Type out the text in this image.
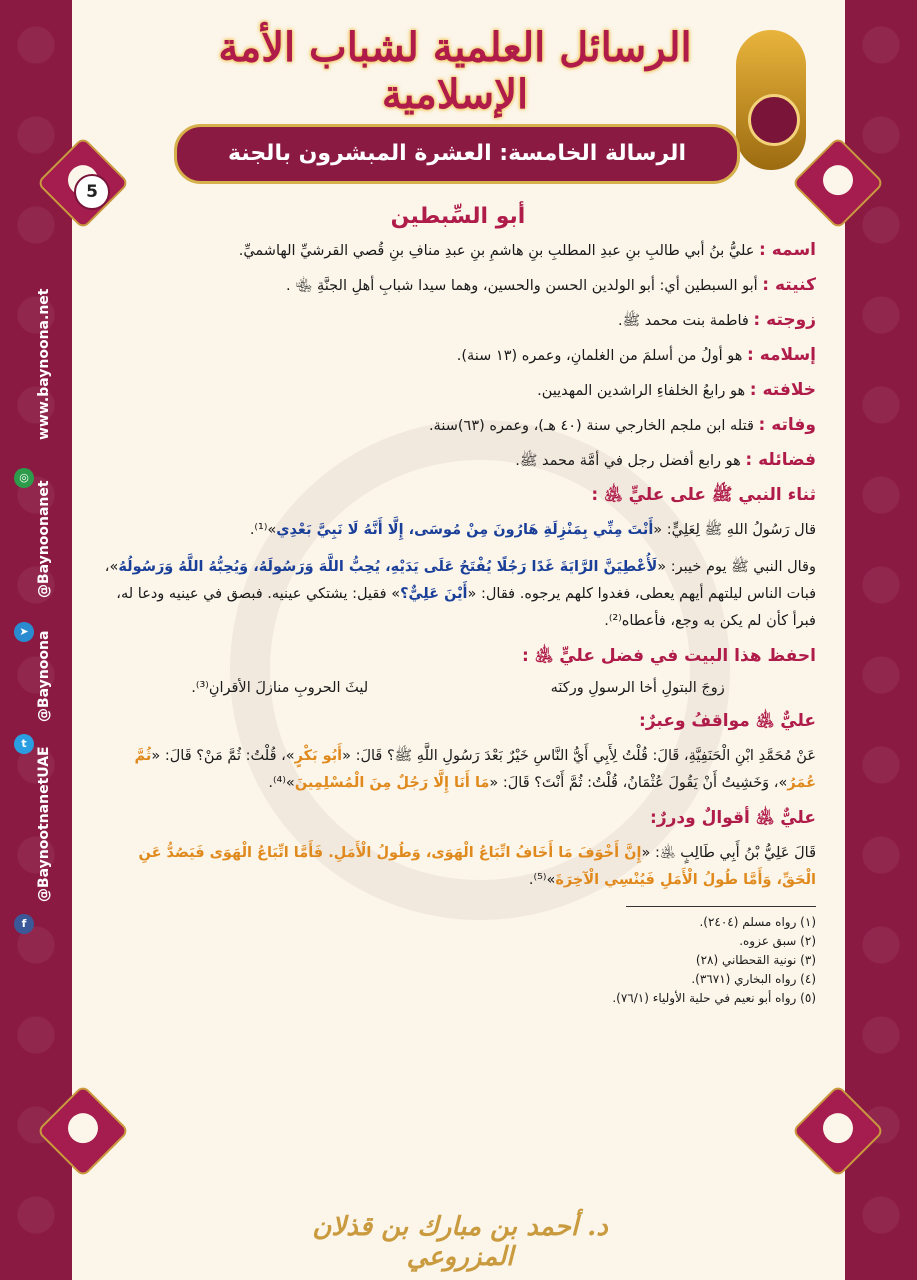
الرسائل العلمية لشباب الأمة الإسلامية
الرسالة الخامسة: العشرة المبشرون بالجنة
5
www.baynoona.net
◎
@Baynoonanet
➤ @Baynoona
t
@BaynootnanetUAE
f
أبو السِّبطين
اسمه : عليُّ بنُ أبي طالبِ بنِ عبدِ المطلبِ بنِ هاشمِ بنِ عبدِ منافِ بنِ قُصي القرشيِّ الهاشميِّ.
كنيته : أبو السبطين أي: أبو الولدين الحسن والحسين، وهما سيدا شبابِ أهلِ الجنَّةِ ﵄ .
زوجته : فاطمة بنت محمد ﷺ.
إسلامه : هو أولُ من أسلمَ من الغلمانِ، وعمره (١٣ سنة).
خلافته : هو رابعُ الخلفاءِ الراشدين المهديين.
وفاته : قتله ابن ملجم الخارجي سنة (٤٠ هـ)، وعمره (٦٣)سنة.
فضائله : هو رابع أفضل رجل في أمَّة محمد ﷺ.
ثناء النبي ﷺ على عليٍّ ﵁ :
قال رَسُولُ اللهِ ﷺ لِعَلِيٍّ: «أَنْتَ مِنِّي بِمَنْزِلَةِ هَارُونَ مِنْ مُوسَى، إِلَّا أَنَّهُ لَا نَبِيَّ بَعْدِي»⁽¹⁾.
وقال النبي ﷺ يوم خيبر: «لَأُعْطِيَنَّ الرَّايَةَ غَدًا رَجُلًا يُفْتَحُ عَلَى يَدَيْهِ، يُحِبُّ اللَّهَ وَرَسُولَهُ، وَيُحِبُّهُ اللَّهُ وَرَسُولُهُ»، فبات الناس ليلتهم أيهم يعطى، فغدوا كلهم يرجوه. فقال: «أَيْنَ عَلِيٌّ؟» فقيل: يشتكي عينيه. فبصق في عينيه ودعا له، فبرأ كأن لم يكن به وجع، فأعطاه⁽²⁾.
احفظ هذا البيت في فضل عليٍّ ﵁ :
زوجَ البتولِ أخا الرسولِ وركنَه
ليثَ الحروبِ منازلَ الأقرانِ⁽³⁾.
عليٌّ ﵁ مواقفُ وعبرٌ:
عَنْ مُحَمَّدِ ابْنِ الْحَنَفِيَّةِ، قَالَ: قُلْتُ لِأَبِي أَيُّ النَّاسِ خَيْرٌ بَعْدَ رَسُولِ اللَّهِ ﷺ؟ قَالَ: «أَبُو بَكْرٍ»، قُلْتُ: ثُمَّ مَنْ؟ قَالَ: «ثُمَّ عُمَرُ»، وَخَشِيتُ أَنْ يَقُولَ عُثْمَانُ، قُلْتُ: ثُمَّ أَنْتَ؟ قَالَ: «مَا أَنَا إِلَّا رَجُلٌ مِنَ الْمُسْلِمِينَ»⁽⁴⁾.
عليٌّ ﵁ أقوالٌ ودررٌ:
قَالَ عَلِيُّ بْنُ أَبِي طَالِبٍ ﵁: «إِنَّ أَخْوَفَ مَا أَخَافُ اتِّبَاعُ الْهَوَى، وَطُولُ الْأَمَلِ. فَأَمَّا اتِّبَاعُ الْهَوَى فَيَصُدُّ عَنِ الْحَقِّ، وَأَمَّا طُولُ الْأَمَلِ فَيُنْسِي الْآخِرَةَ»⁽⁵⁾.

(١) رواه مسلم (٢٤٠٤).

(٢) سبق عزوه.

(٣) نونية القحطاني (٢٨)

(٤) رواه البخاري (٣٦٧١).

(٥) رواه أبو نعيم في حلية الأولياء (٧٦/١).

د. أحمد بن مبارك بن قذلان المزروعي
